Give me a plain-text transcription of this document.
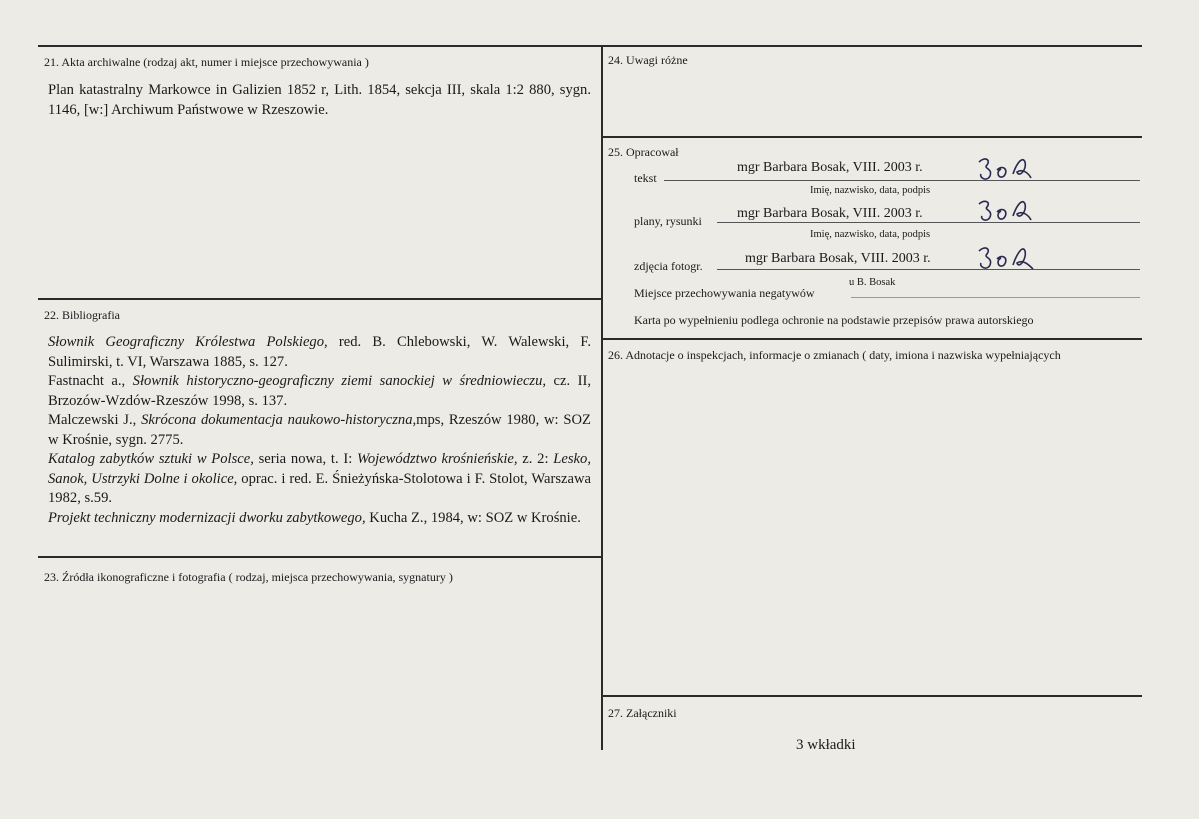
21. Akta archiwalne (rodzaj akt, numer i miejsce przechowywania )
Plan katastralny Markowce in Galizien 1852 r, Lith. 1854, sekcja III, skala 1:2 880, sygn. 1146, [w:] Archiwum Państwowe w Rzeszowie.
22. Bibliografia

Słownik Geograficzny Królestwa Polskiego, red. B. Chlebowski, W. Walewski, F. Sulimirski, t. VI, Warszawa 1885, s. 127.

Fastnacht a., Słownik historyczno-geograficzny ziemi sanockiej w średniowieczu, cz. II, Brzozów-Wzdów-Rzeszów 1998, s. 137.

Malczewski J., Skrócona dokumentacja naukowo-historyczna,mps, Rzeszów 1980, w: SOZ w Krośnie, sygn. 2775.

Katalog zabytków sztuki w Polsce, seria nowa, t. I: Województwo krośnieńskie, z. 2: Lesko, Sanok, Ustrzyki Dolne i okolice, oprac. i red. E. Śnieżyńska-Stolotowa i F. Stolot, Warszawa 1982, s.59.

Projekt techniczny modernizacji dworku zabytkowego, Kucha Z., 1984, w: SOZ w Krośnie.

23. Źródła ikonograficzne i fotografia ( rodzaj, miejsca przechowywania, sygnatury )
24. Uwagi różne
25. Opracował
tekst
mgr Barbara Bosak, VIII. 2003 r.
Imię, nazwisko, data, podpis
plany, rysunki	mgr Barbara Bosak, VIII. 2003 r.
Imię, nazwisko, data, podpis
zdjęcia fotogr.	mgr Barbara Bosak, VIII. 2003 r.
Miejsce przechowywania negatywów
u B. Bosak
Karta po wypełnieniu podlega ochronie na podstawie przepisów prawa autorskiego
26. Adnotacje o inspekcjach, informacje o zmianach ( daty, imiona i nazwiska wypełniających
27. Załączniki
3 wkładki
